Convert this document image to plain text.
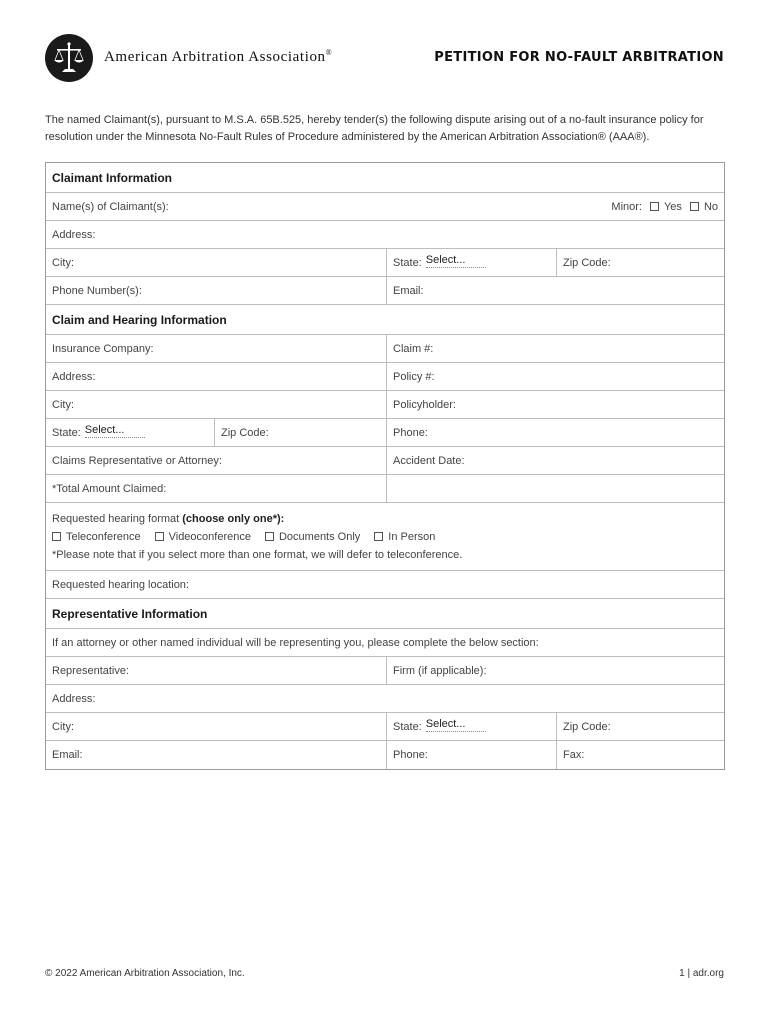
American Arbitration Association®	PETITION FOR NO-FAULT ARBITRATION
The named Claimant(s), pursuant to M.S.A. 65B.525, hereby tender(s) the following dispute arising out of a no-fault insurance policy for resolution under the Minnesota No-Fault Rules of Procedure administered by the American Arbitration Association® (AAA®).
Claimant Information
Name(s) of Claimant(s):	Minor: Yes No
Address:
City:	State: Select...	Zip Code:
Phone Number(s):	Email:
Claim and Hearing Information
Insurance Company:	Claim #:
Address:	Policy #:
City:	Policyholder:
State: Select...	Zip Code:	Phone:
Claims Representative or Attorney:	Accident Date:
*Total Amount Claimed:
Requested hearing format
(choose only one*):
Teleconference	Videoconference	Documents Only	In Person
*Please note that if you select more than one format, we will defer to teleconference.
Requested hearing location:
Representative Information
If an attorney or other named individual will be representing you, please complete the below section:
Representative:	Firm (if applicable):
Address:
City:	State: Select...	Zip Code:
Email:	Phone:	Fax:
© 2022 American Arbitration Association, Inc.	1 | adr.org
